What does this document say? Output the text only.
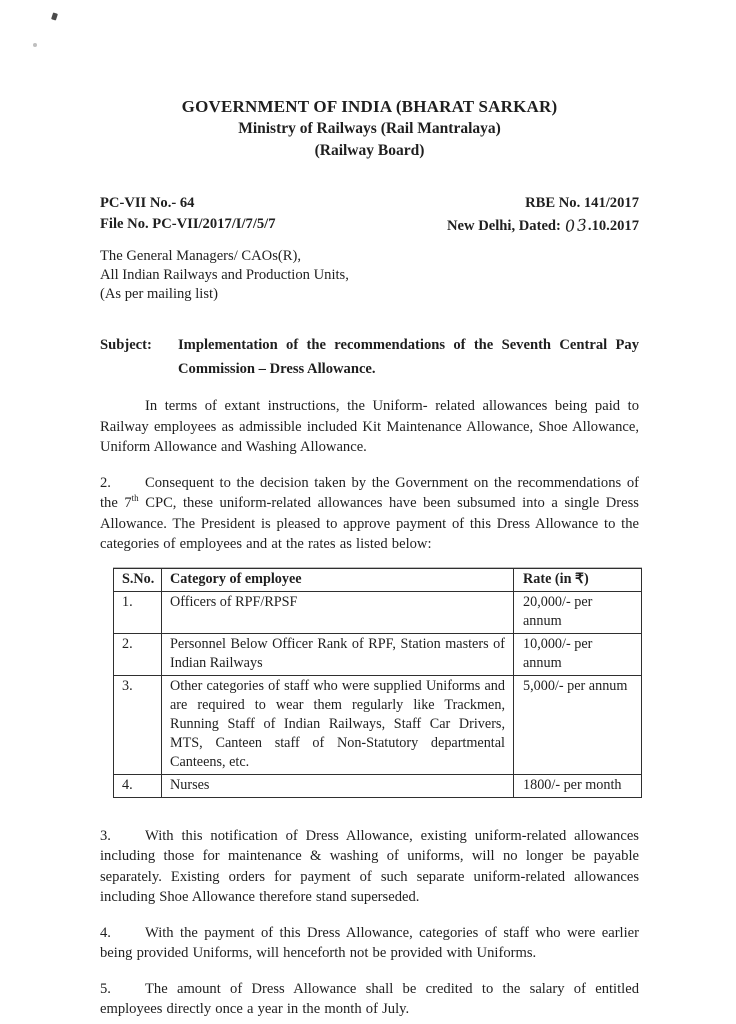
GOVERNMENT OF INDIA (BHARAT SARKAR)
Ministry of Railways (Rail Mantralaya)
(Railway Board)
PC-VII No.- 64
File No. PC-VII/2017/I/7/5/7
RBE No. 141/2017
New Delhi, Dated: 03.10.2017
The General Managers/ CAOs(R),
All Indian Railways and Production Units,
(As per mailing list)
Subject:	Implementation of the recommendations of the Seventh Central Pay Commission – Dress Allowance.

In terms of extant instructions, the Uniform- related allowances being paid to Railway employees as admissible included Kit Maintenance Allowance, Shoe Allowance, Uniform Allowance and Washing Allowance.

2. Consequent to the decision taken by the Government on the recommendations of the 7th CPC, these uniform-related allowances have been subsumed into a single Dress Allowance. The President is pleased to approve payment of this Dress Allowance to the categories of employees and at the rates as listed below:

S.No.	Category of employee	Rate (in ₹)
1.	Officers of RPF/RPSF	20,000/- per annum
2.	Personnel Below Officer Rank of RPF, Station masters of Indian Railways	10,000/- per annum
3.	Other categories of staff who were supplied Uniforms and are required to wear them regularly like Trackmen, Running Staff of Indian Railways, Staff Car Drivers, MTS, Canteen staff of Non-Statutory departmental Canteens, etc.	5,000/- per annum
4.	Nurses	1800/- per month

3. With this notification of Dress Allowance, existing uniform-related allowances including those for maintenance & washing of uniforms, will no longer be payable separately. Existing orders for payment of such separate uniform-related allowances including Shoe Allowance therefore stand superseded.

4. With the payment of this Dress Allowance, categories of staff who were earlier being provided Uniforms, will henceforth not be provided with Uniforms.

5. The amount of Dress Allowance shall be credited to the salary of entitled employees directly once a year in the month of July.
